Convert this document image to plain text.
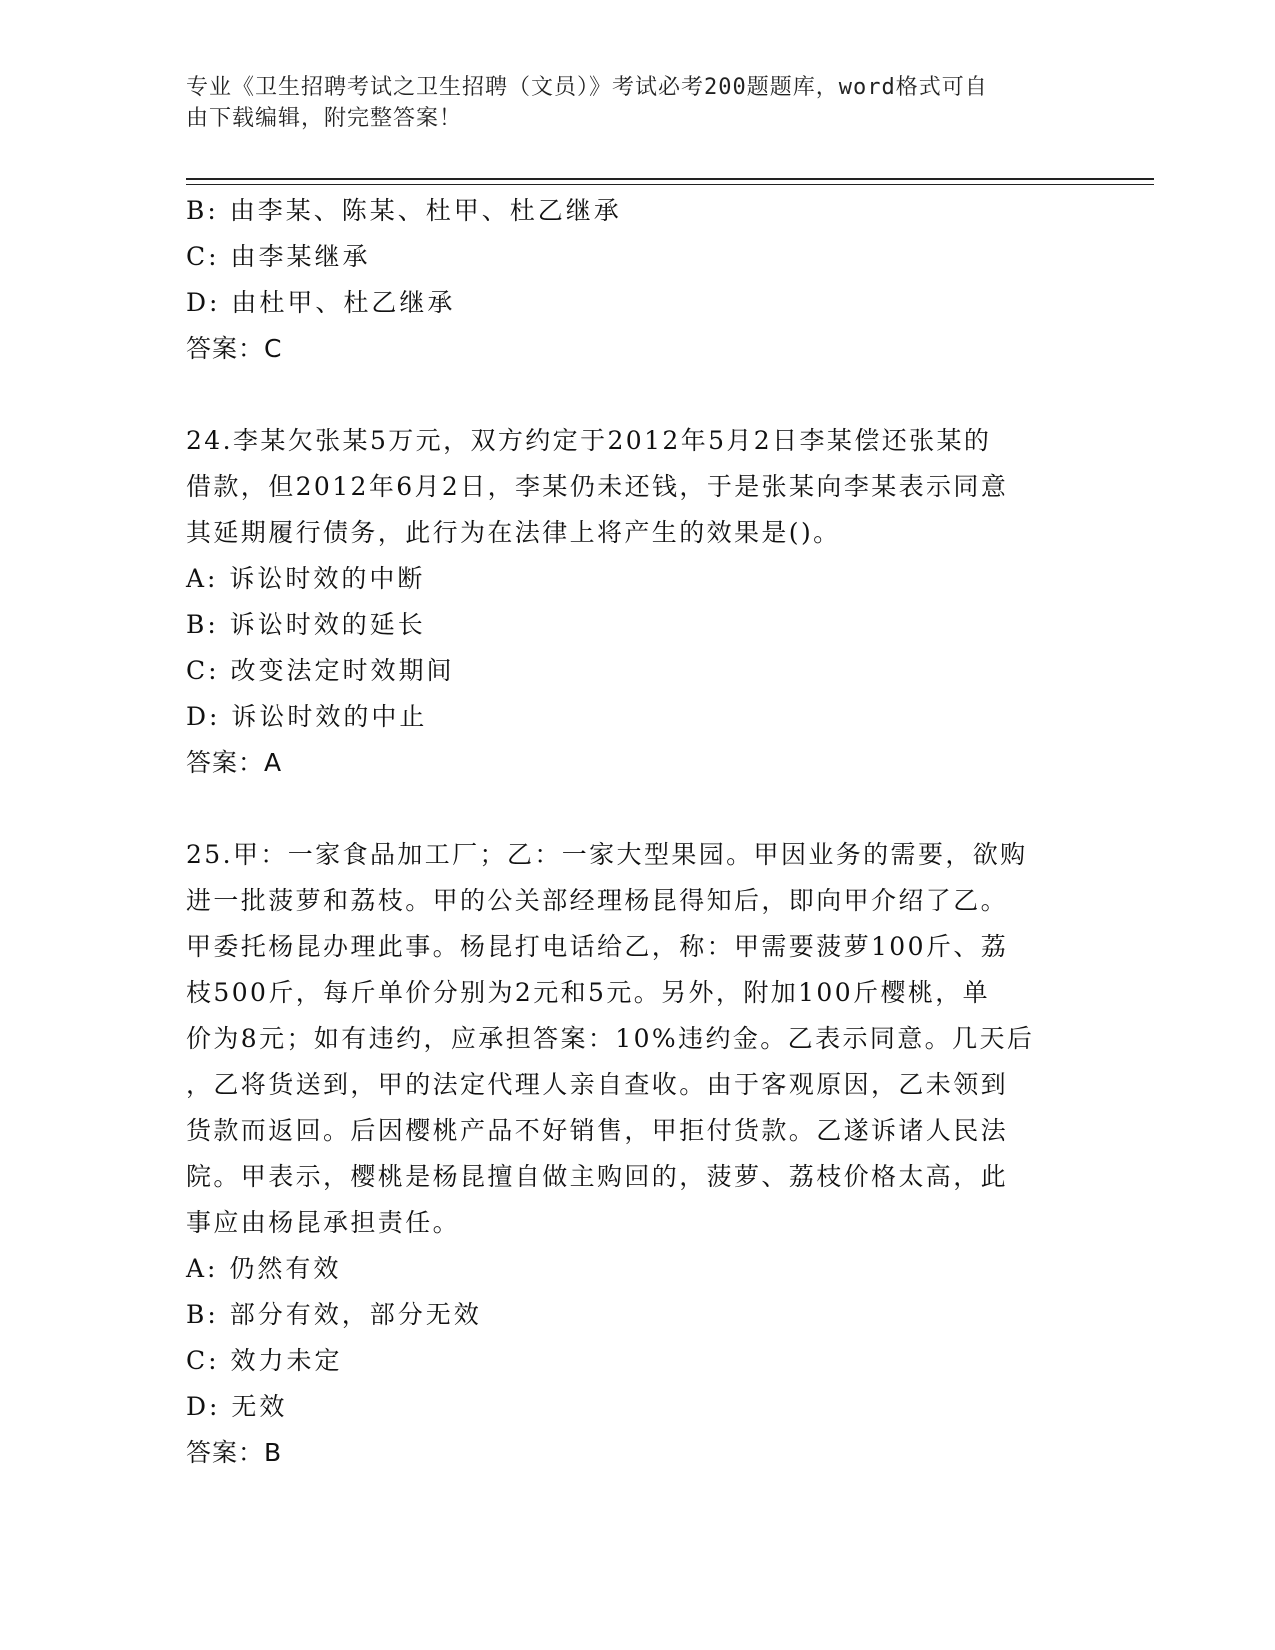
专业《卫生招聘考试之卫生招聘（文员）》考试必考200题题库，word格式可自
由下载编辑，附完整答案！
B: 由李某、陈某、杜甲、杜乙继承
C: 由李某继承
D: 由杜甲、杜乙继承
答案：C
24.李某欠张某5万元，双方约定于2012年5月2日李某偿还张某的
借款，但2012年6月2日，李某仍未还钱，于是张某向李某表示同意
其延期履行债务，此行为在法律上将产生的效果是()。
A: 诉讼时效的中断
B: 诉讼时效的延长
C: 改变法定时效期间
D: 诉讼时效的中止
答案：A
25.甲：一家食品加工厂；乙：一家大型果园。甲因业务的需要，欲购
进一批菠萝和荔枝。甲的公关部经理杨昆得知后，即向甲介绍了乙。
甲委托杨昆办理此事。杨昆打电话给乙，称：甲需要菠萝100斤、荔
枝500斤，每斤单价分别为2元和5元。另外，附加100斤樱桃，单
价为8元；如有违约，应承担答案：10%违约金。乙表示同意。几天后
，乙将货送到，甲的法定代理人亲自查收。由于客观原因，乙未领到
货款而返回。后因樱桃产品不好销售，甲拒付货款。乙遂诉诸人民法
院。甲表示，樱桃是杨昆擅自做主购回的，菠萝、荔枝价格太高，此
事应由杨昆承担责任。
A: 仍然有效
B: 部分有效，部分无效
C: 效力未定
D: 无效
答案：B
